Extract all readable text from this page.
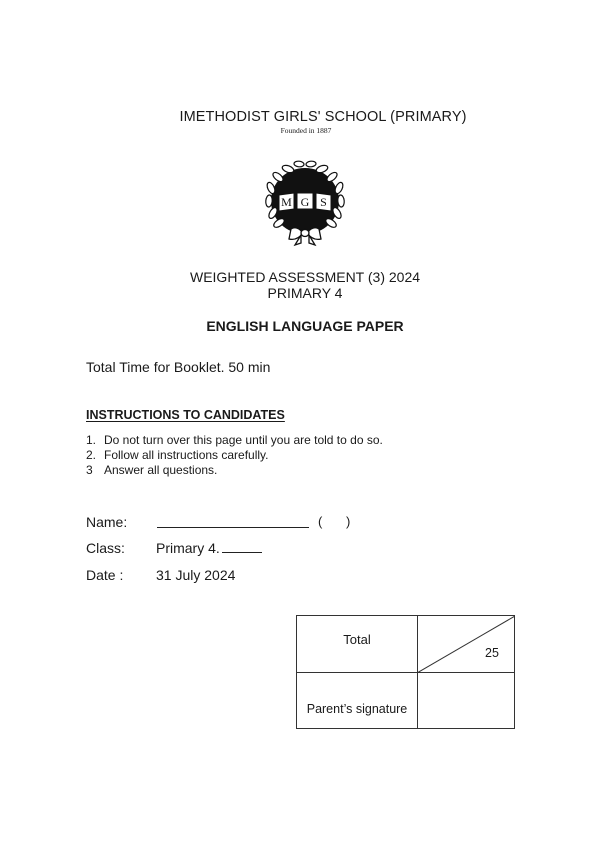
IMETHODIST GIRLS' SCHOOL (PRIMARY)
Founded in 1887
M G S
WEIGHTED ASSESSMENT (3) 2024
PRIMARY 4
ENGLISH LANGUAGE PAPER
Total Time for Booklet. 50 min
INSTRUCTIONS TO CANDIDATES
1. Do not turn over this page until you are told to do so.
2. Follow all instructions carefully.
3 Answer all questions.
Name:	( )
Class: Primary 4.
Date : 31 July 2024
Total
25
Parent’s signature
